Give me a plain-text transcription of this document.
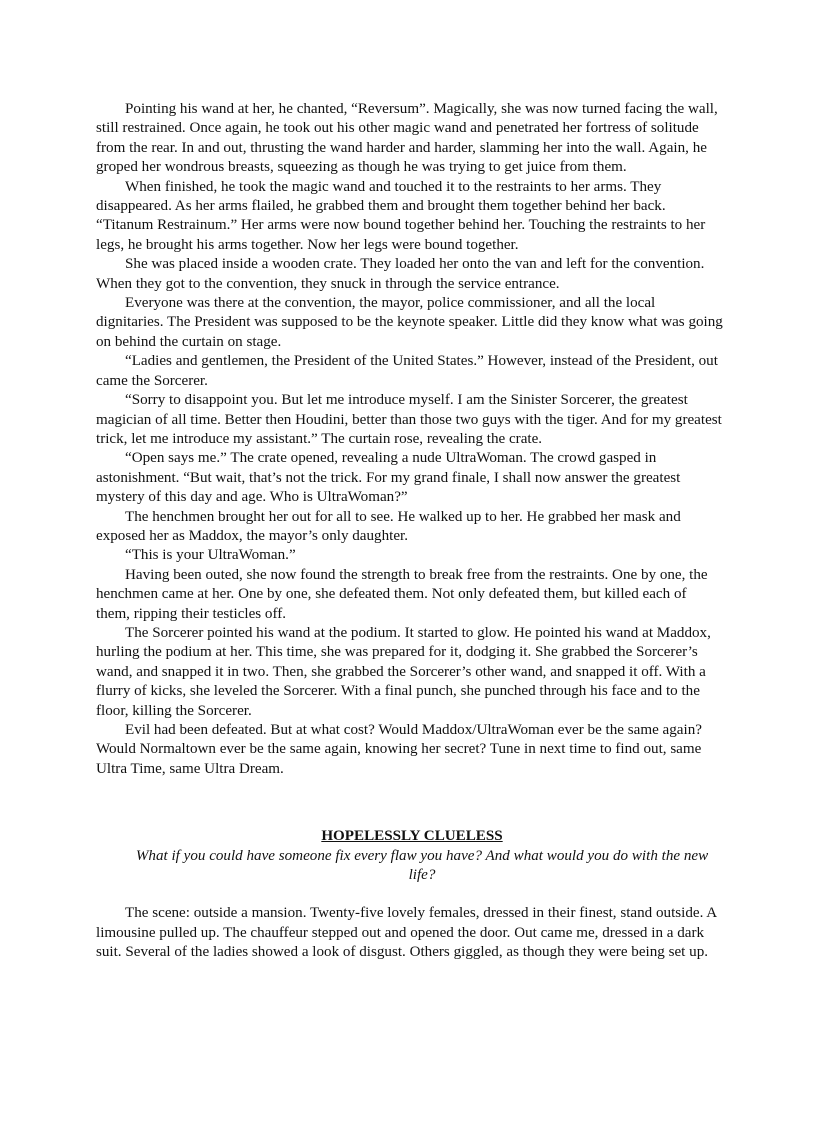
Pointing his wand at her, he chanted, “Reversum”. Magically, she was now turned facing the wall, still restrained. Once again, he took out his other magic wand and penetrated her fortress of solitude from the rear. In and out, thrusting the wand harder and harder, slamming her into the wall. Again, he groped her wondrous breasts, squeezing as though he was trying to get juice from them.

When finished, he took the magic wand and touched it to the restraints to her arms. They disappeared. As her arms flailed, he grabbed them and brought them together behind her back. “Titanum Restrainum.” Her arms were now bound together behind her. Touching the restraints to her legs, he brought his arms together. Now her legs were bound together.

She was placed inside a wooden crate. They loaded her onto the van and left for the convention. When they got to the convention, they snuck in through the service entrance.

Everyone was there at the convention, the mayor, police commissioner, and all the local dignitaries. The President was supposed to be the keynote speaker. Little did they know what was going on behind the curtain on stage.

“Ladies and gentlemen, the President of the United States.” However, instead of the President, out came the Sorcerer.

“Sorry to disappoint you. But let me introduce myself. I am the Sinister Sorcerer, the greatest magician of all time. Better then Houdini, better than those two guys with the tiger. And for my greatest trick, let me introduce my assistant.” The curtain rose, revealing the crate.

“Open says me.” The crate opened, revealing a nude UltraWoman. The crowd gasped in astonishment. “But wait, that’s not the trick. For my grand finale, I shall now answer the greatest mystery of this day and age. Who is UltraWoman?”

The henchmen brought her out for all to see. He walked up to her. He grabbed her mask and exposed her as Maddox, the mayor’s only daughter.

“This is your UltraWoman.”

Having been outed, she now found the strength to break free from the restraints. One by one, the henchmen came at her. One by one, she defeated them. Not only defeated them, but killed each of them, ripping their testicles off.

The Sorcerer pointed his wand at the podium. It started to glow. He pointed his wand at Maddox, hurling the podium at her. This time, she was prepared for it, dodging it. She grabbed the Sorcerer’s wand, and snapped it in two. Then, she grabbed the Sorcerer’s other wand, and snapped it off. With a flurry of kicks, she leveled the Sorcerer. With a final punch, she punched through his face and to the floor, killing the Sorcerer.

Evil had been defeated. But at what cost? Would Maddox/UltraWoman ever be the same again? Would Normaltown ever be the same again, knowing her secret? Tune in next time to find out, same Ultra Time, same Ultra Dream.

HOPELESSLY CLUELESS

What if you could have someone fix every flaw you have? And what would you do with the new life?

The scene: outside a mansion. Twenty-five lovely females, dressed in their finest, stand outside. A limousine pulled up. The chauffeur stepped out and opened the door. Out came me, dressed in a dark suit. Several of the ladies showed a look of disgust. Others giggled, as though they were being set up.
